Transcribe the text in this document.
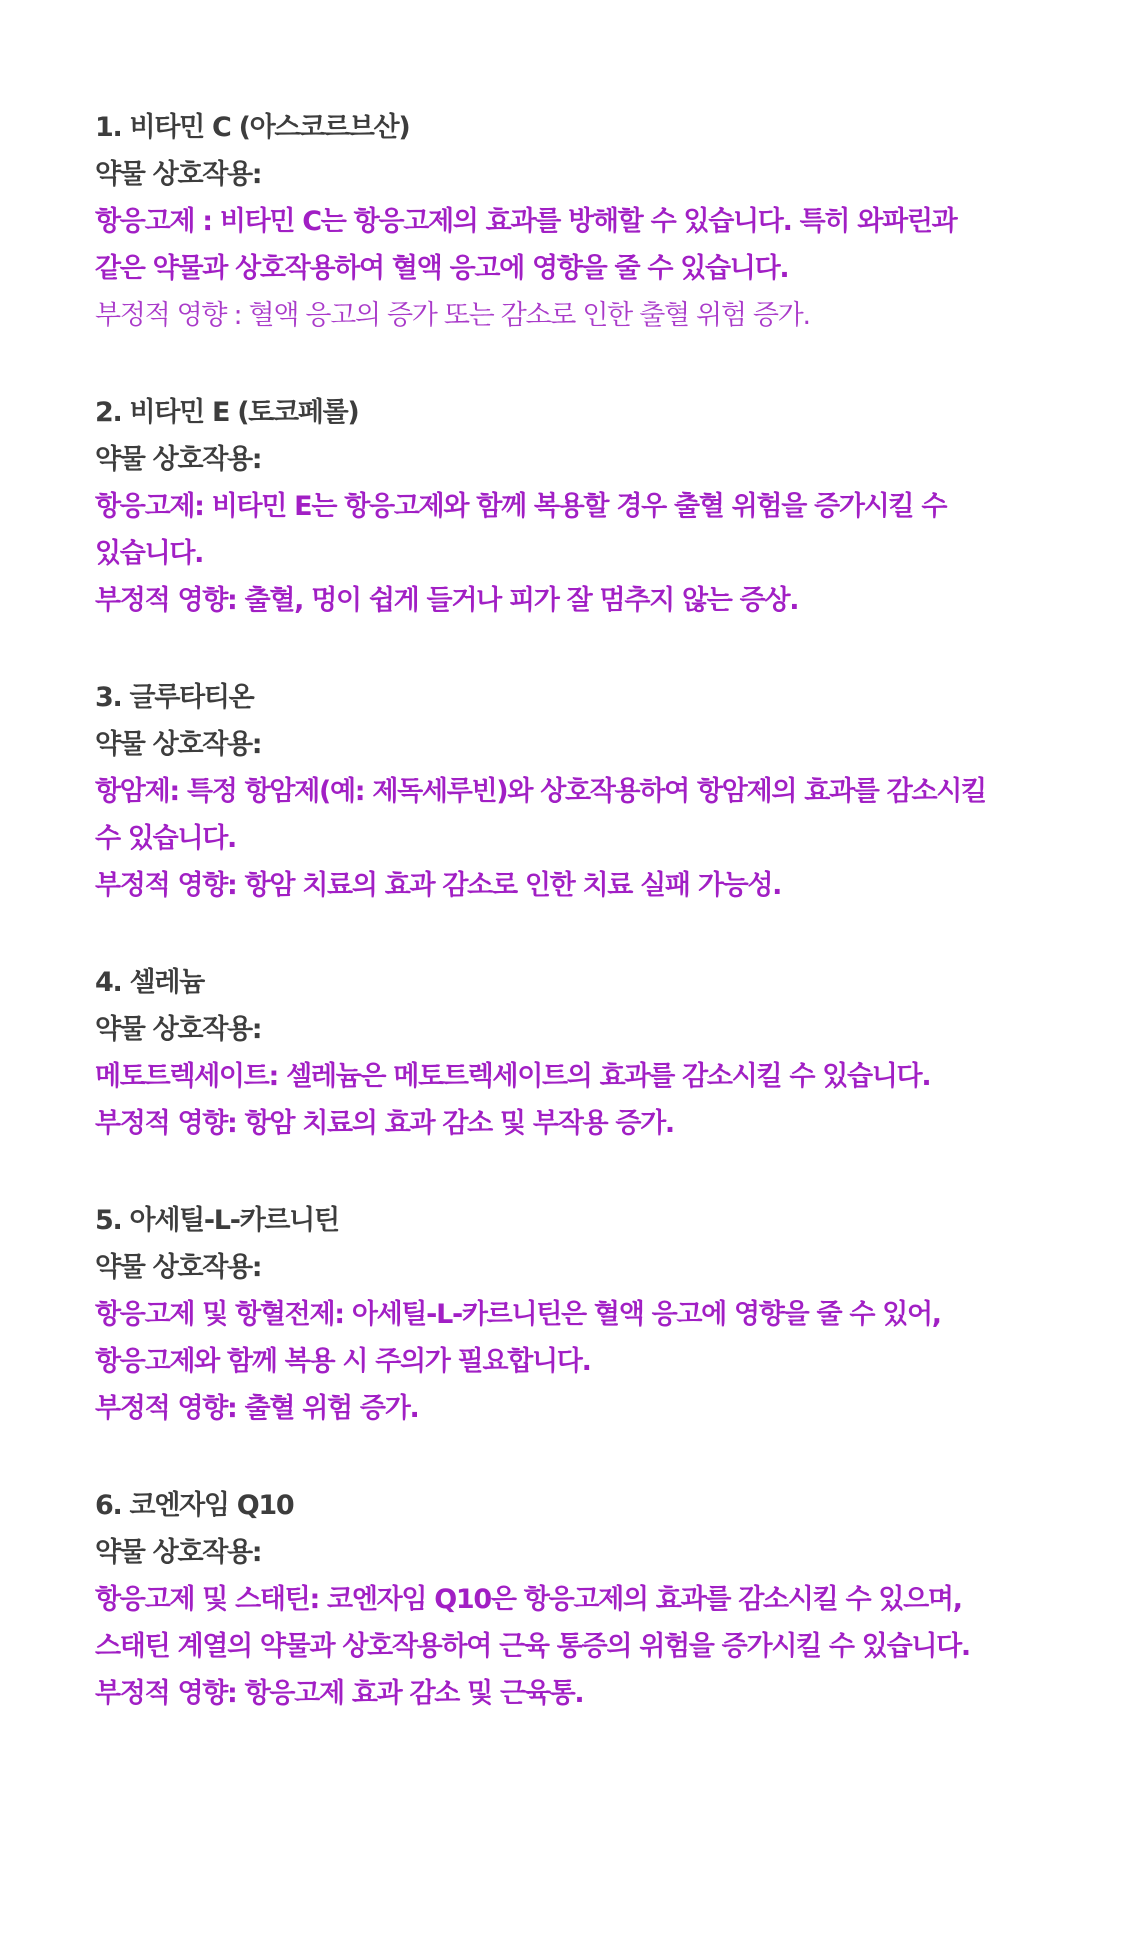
1. 비타민 C (아스코르브산)
약물 상호작용:
항응고제 : 비타민 C는 항응고제의 효과를 방해할 수 있습니다. 특히 와파린과
같은 약물과 상호작용하여 혈액 응고에 영향을 줄 수 있습니다.
부정적 영향 : 혈액 응고의 증가 또는 감소로 인한 출혈 위험 증가.
2. 비타민 E (토코페롤)
약물 상호작용:
항응고제: 비타민 E는 항응고제와 함께 복용할 경우 출혈 위험을 증가시킬 수
있습니다.
부정적 영향: 출혈, 멍이 쉽게 들거나 피가 잘 멈추지 않는 증상.
3. 글루타티온
약물 상호작용:
항암제: 특정 항암제(예: 제독세루빈)와 상호작용하여 항암제의 효과를 감소시킬
수 있습니다.
부정적 영향: 항암 치료의 효과 감소로 인한 치료 실패 가능성.
4. 셀레늄
약물 상호작용:
메토트렉세이트: 셀레늄은 메토트렉세이트의 효과를 감소시킬 수 있습니다.
부정적 영향: 항암 치료의 효과 감소 및 부작용 증가.
5. 아세틸-L-카르니틴
약물 상호작용:
항응고제 및 항혈전제: 아세틸-L-카르니틴은 혈액 응고에 영향을 줄 수 있어,
항응고제와 함께 복용 시 주의가 필요합니다.
부정적 영향: 출혈 위험 증가.
6. 코엔자임 Q10
약물 상호작용:
항응고제 및 스태틴: 코엔자임 Q10은 항응고제의 효과를 감소시킬 수 있으며,
스태틴 계열의 약물과 상호작용하여 근육 통증의 위험을 증가시킬 수 있습니다.
부정적 영향: 항응고제 효과 감소 및 근육통.
